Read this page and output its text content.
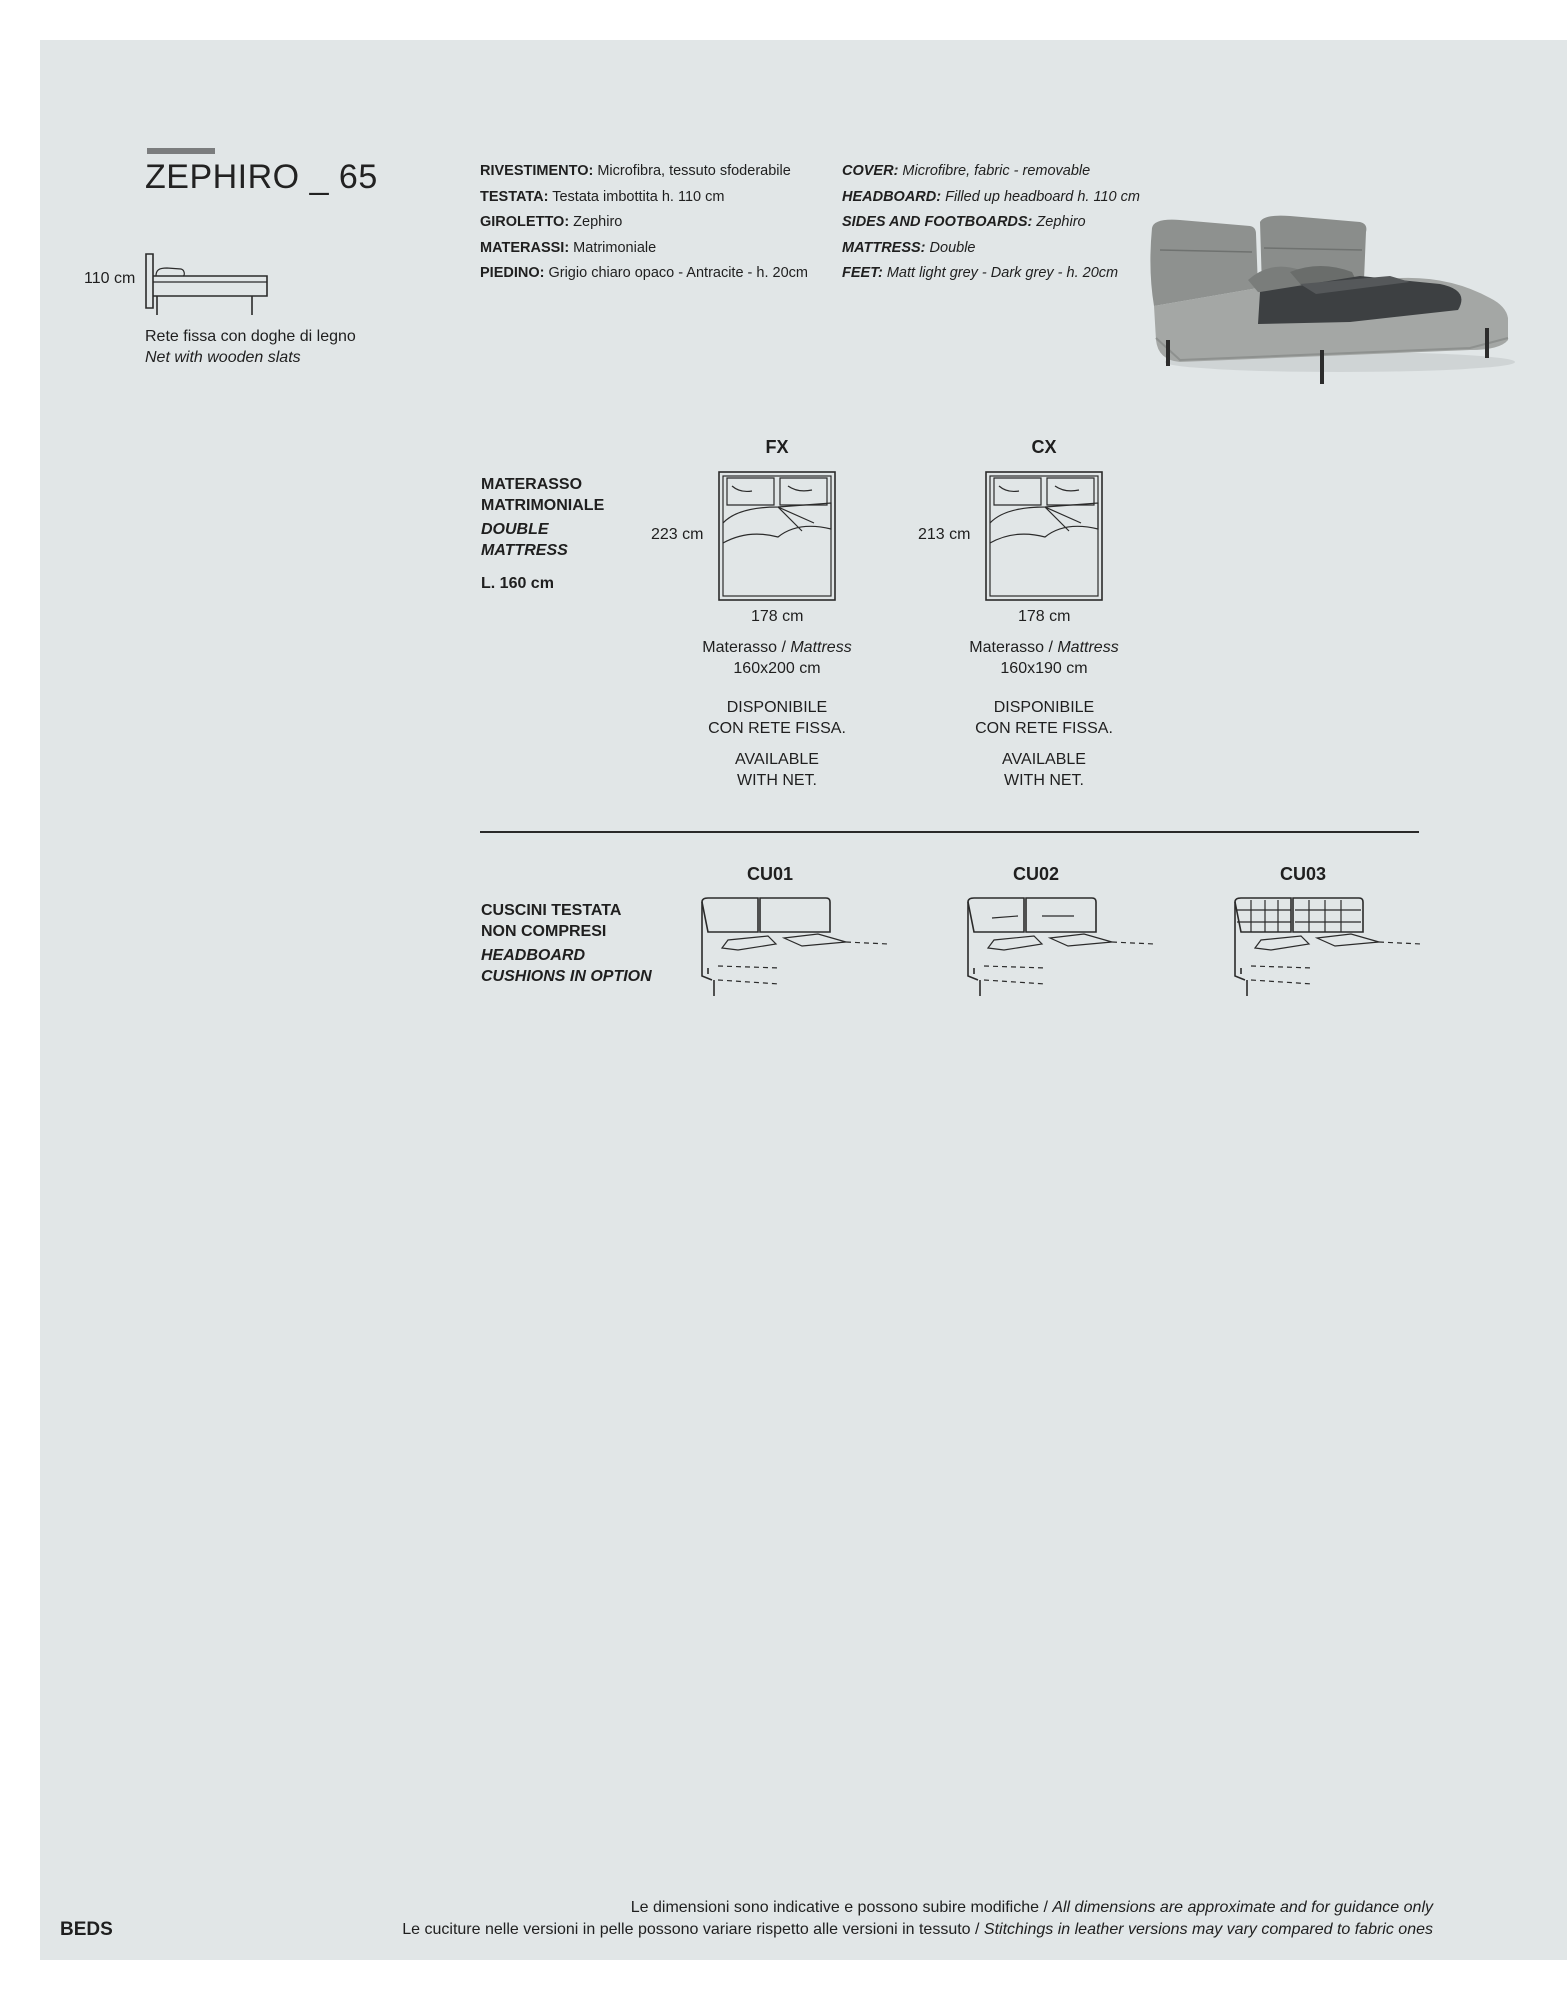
ZEPHIRO _ 65
110 cm
Rete fissa con doghe di legno
Net with wooden slats
RIVESTIMENTO: Microfibra, tessuto sfoderabile
TESTATA: Testata imbottita h. 110 cm
GIROLETTO: Zephiro
MATERASSI: Matrimoniale
PIEDINO: Grigio chiaro opaco - Antracite - h. 20cm
COVER: Microfibre, fabric - removable
HEADBOARD: Filled up headboard h. 110 cm
SIDES AND FOOTBOARDS: Zephiro
MATTRESS: Double
FEET: Matt light grey - Dark grey - h. 20cm
MATERASSO
MATRIMONIALE
DOUBLE
MATTRESS
L. 160 cm
FX
223 cm
178 cm
Materasso / Mattress
160x200 cm
DISPONIBILE
CON RETE FISSA.
AVAILABLE
WITH NET.
CX
213 cm
178 cm
Materasso / Mattress
160x190 cm
DISPONIBILE
CON RETE FISSA.
AVAILABLE
WITH NET.
CUSCINI TESTATA
NON COMPRESI
HEADBOARD
CUSHIONS IN OPTION
CU01	CU02	CU03
BEDS
Le dimensioni sono indicative e possono subire modifiche / All dimensions are approximate and for guidance only
Le cuciture nelle versioni in pelle possono variare rispetto alle versioni in tessuto / Stitchings in leather versions may vary compared to fabric ones
